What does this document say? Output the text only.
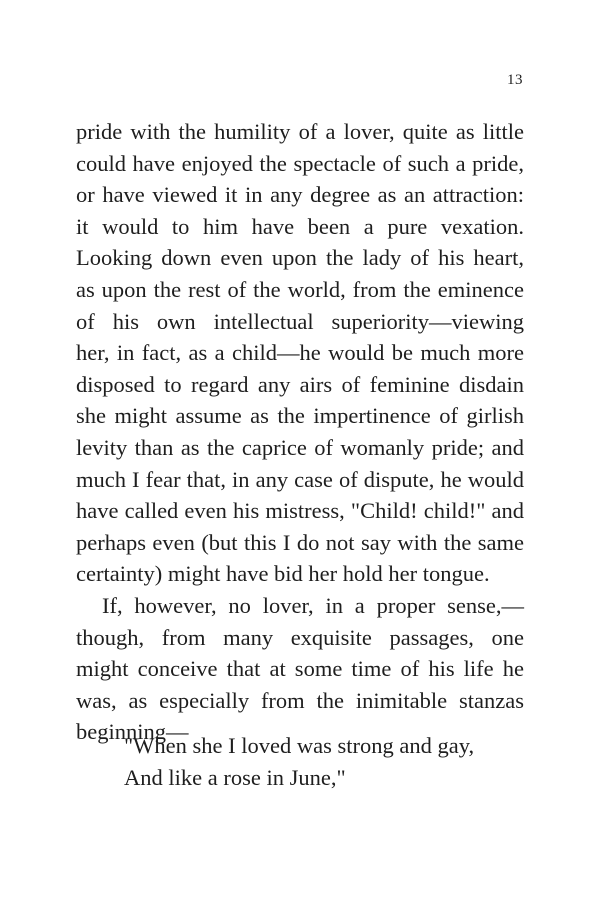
13
pride with the humility of a lover, quite as little
could have enjoyed the spectacle of such a pride,
or have viewed it in any degree as an attraction:
it would to him have been a pure vexation.
Looking down even upon the lady of his heart,
as upon the rest of the world, from the eminence
of his own intellectual superiority—viewing
her, in fact, as a child—he would be much more
disposed to regard any airs of feminine disdain
she might assume as the impertinence of girlish
levity than as the caprice of womanly pride; and
much I fear that, in any case of dispute, he would
have called even his mistress, "Child! child!" and
perhaps even (but this I do not say with the same
certainty) might have bid her hold her tongue.
If, however, no lover, in a proper sense,—
though, from many exquisite passages, one
might conceive that at some time of his life he
was, as especially from the inimitable stanzas
beginning—
"When she I loved was strong and gay,
And like a rose in June,"
